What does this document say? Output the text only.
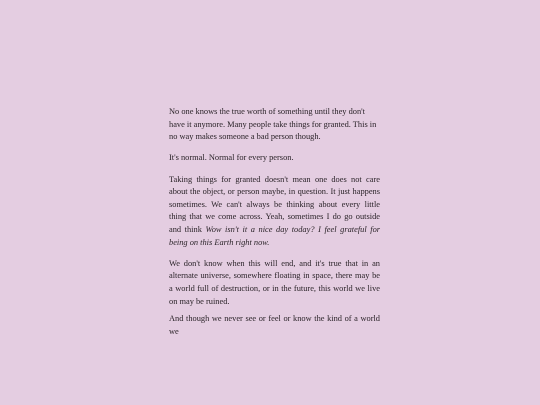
No one knows the true worth of something until they don't have it anymore. Many people take things for granted. This in no way makes someone a bad person though.

It's normal. Normal for every person.

Taking things for granted doesn't mean one does not care about the object, or person maybe, in question. It just happens sometimes. We can't always be thinking about every little thing that we come across. Yeah, sometimes I do go outside and think Wow isn't it a nice day today? I feel grateful for being on this Earth right now.

We don't know when this will end, and it's true that in an alternate universe, somewhere floating in space, there may be a world full of destruction, or in the future, this world we live on may be ruined.

And though we never see or feel or know the kind of a world we
